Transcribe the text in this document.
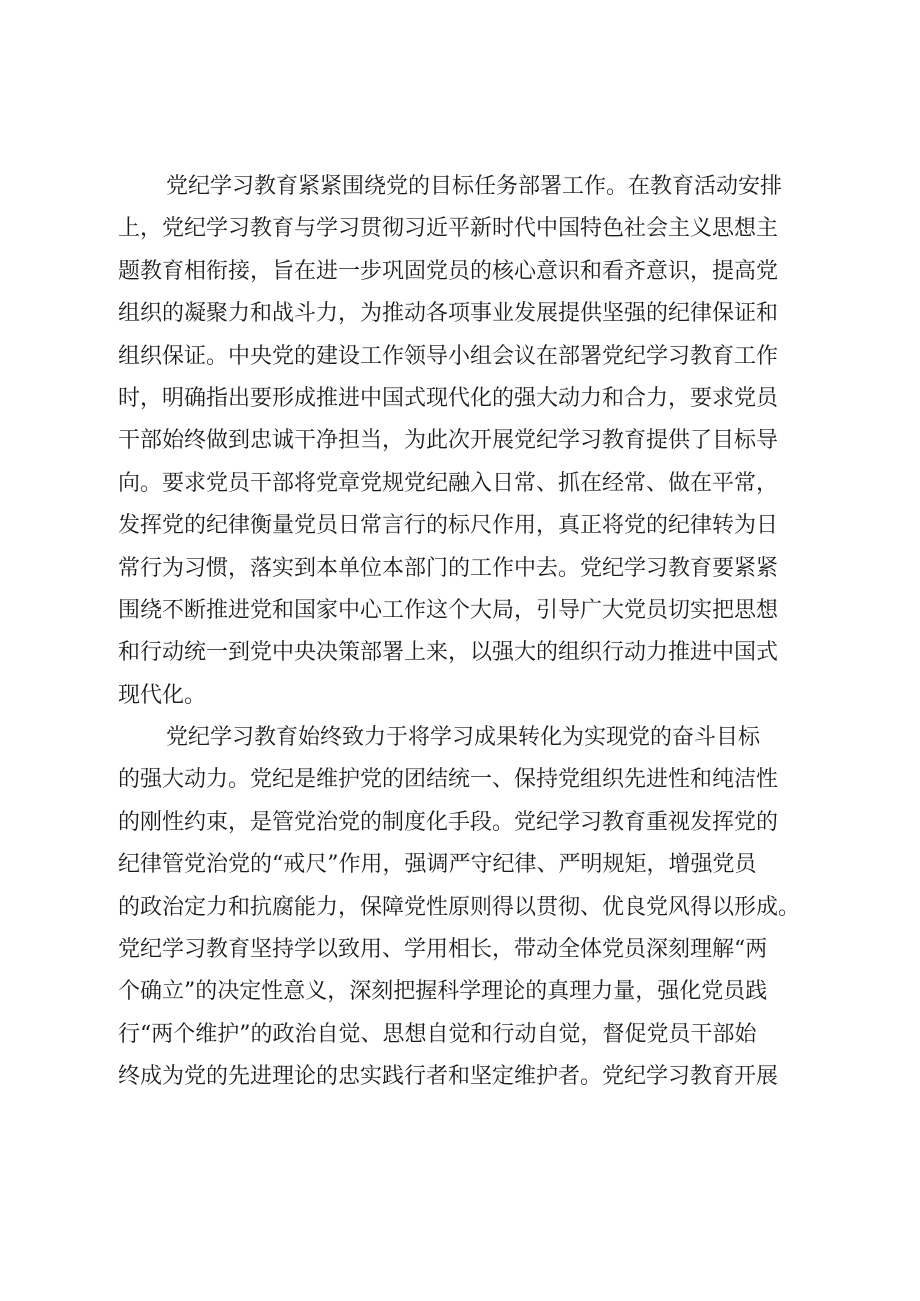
党纪学习教育紧紧围绕党的目标任务部署工作。在教育活动安排
上，党纪学习教育与学习贯彻习近平新时代中国特色社会主义思想主
题教育相衔接，旨在进一步巩固党员的核心意识和看齐意识，提高党
组织的凝聚力和战斗力，为推动各项事业发展提供坚强的纪律保证和
组织保证。中央党的建设工作领导小组会议在部署党纪学习教育工作
时，明确指出要形成推进中国式现代化的强大动力和合力，要求党员
干部始终做到忠诚干净担当，为此次开展党纪学习教育提供了目标导
向。要求党员干部将党章党规党纪融入日常、抓在经常、做在平常，
发挥党的纪律衡量党员日常言行的标尺作用，真正将党的纪律转为日
常行为习惯，落实到本单位本部门的工作中去。党纪学习教育要紧紧
围绕不断推进党和国家中心工作这个大局，引导广大党员切实把思想
和行动统一到党中央决策部署上来，以强大的组织行动力推进中国式
现代化。
党纪学习教育始终致力于将学习成果转化为实现党的奋斗目标
的强大动力。党纪是维护党的团结统一、保持党组织先进性和纯洁性
的刚性约束，是管党治党的制度化手段。党纪学习教育重视发挥党的
纪律管党治党的“戒尺”作用，强调严守纪律、严明规矩，增强党员
的政治定力和抗腐能力，保障党性原则得以贯彻、优良党风得以形成。
党纪学习教育坚持学以致用、学用相长，带动全体党员深刻理解“两
个确立”的决定性意义，深刻把握科学理论的真理力量，强化党员践
行“两个维护”的政治自觉、思想自觉和行动自觉，督促党员干部始
终成为党的先进理论的忠实践行者和坚定维护者。党纪学习教育开展
